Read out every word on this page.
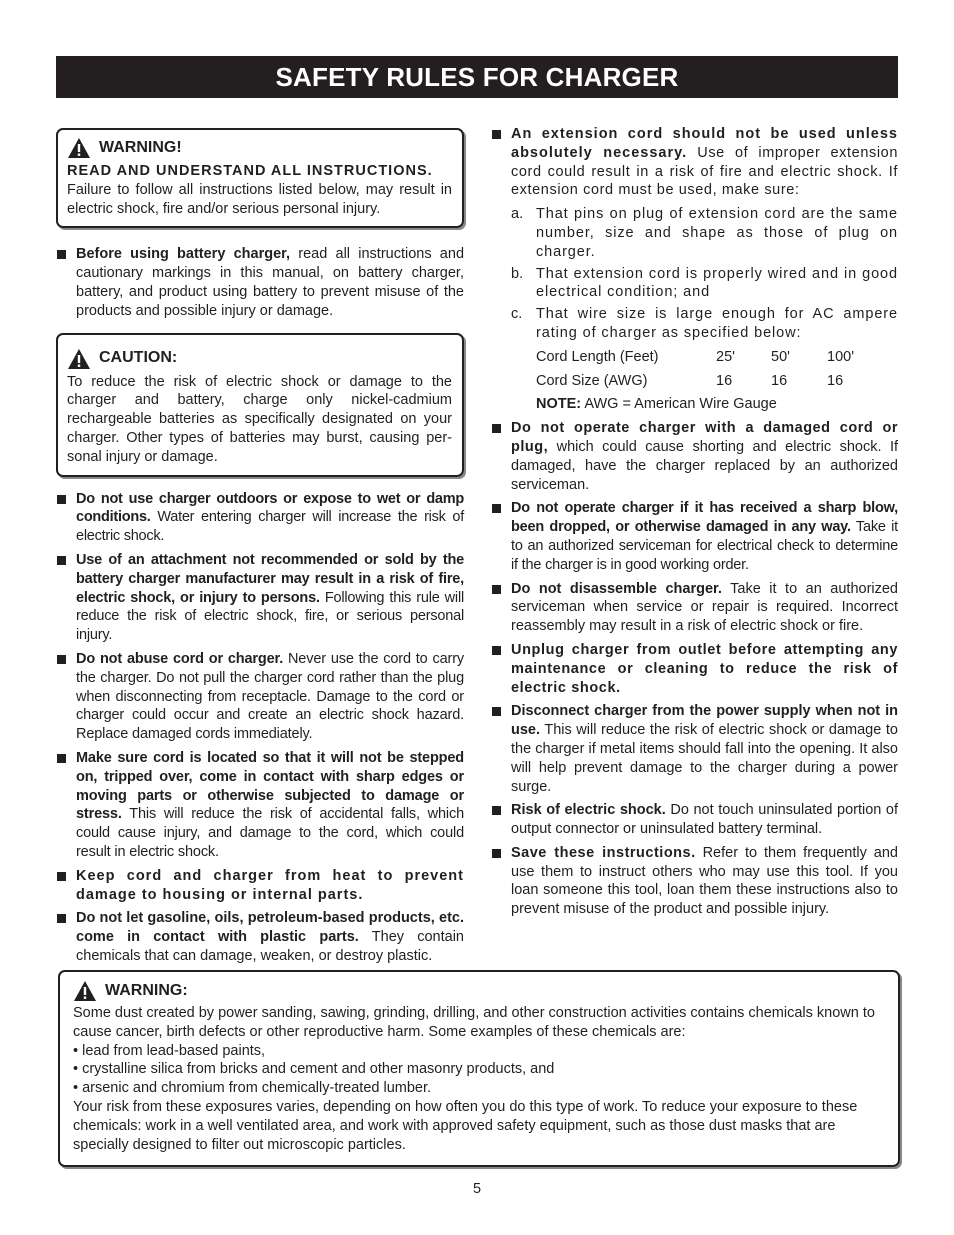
SAFETY RULES FOR CHARGER
WARNING!

READ AND UNDERSTAND ALL INSTRUCTIONS.
Failure to follow all instructions listed below, may result in electric shock, fire and/or serious personal injury.

Before using battery charger, read all instructions and cautionary markings in this manual, on battery charger, battery, and product using battery to prevent misuse of the products and possible injury or damage.
CAUTION:

To reduce the risk of electric shock or damage to the charger and battery, charge only nickel-cadmium rechargeable batteries as specifically designated on your charger. Other types of batteries may burst, causing per-sonal injury or damage.

Do not use charger outdoors or expose to wet or damp conditions. Water entering charger will increase the risk of electric shock.
Use of an attachment not recommended or sold by the battery charger manufacturer may result in a risk of fire, electric shock, or injury to persons. Following this rule will reduce the risk of electric shock, fire, or serious personal injury.
Do not abuse cord or charger. Never use the cord to carry the charger. Do not pull the charger cord rather than the plug when disconnecting from receptacle. Damage to the cord or charger could occur and create an electric shock hazard. Replace damaged cords immediately.
Make sure cord is located so that it will not be stepped on, tripped over, come in contact with sharp edges or moving parts or otherwise subjected to damage or stress. This will reduce the risk of accidental falls, which could cause injury, and damage to the cord, which could result in electric shock.
Keep cord and charger from heat to prevent damage to housing or internal parts.
Do not let gasoline, oils, petroleum-based products, etc. come in contact with plastic parts. They contain chemicals that can damage, weaken, or destroy plastic.
An extension cord should not be used unless absolutely necessary. Use of improper extension cord could result in a risk of fire and electric shock. If extension cord must be used, make sure:
a. That pins on plug of extension cord are the same number, size and shape as those of plug on charger.
b. That extension cord is properly wired and in good electrical condition; and
c. That wire size is large enough for AC ampere rating of charger as specified below:
Cord Length (Feet)	25'	50'	100'
Cord Size (AWG)	16	16	16
NOTE: AWG = American Wire Gauge
Do not operate charger with a damaged cord or plug, which could cause shorting and electric shock. If damaged, have the charger replaced by an authorized serviceman.
Do not operate charger if it has received a sharp blow, been dropped, or otherwise damaged in any way. Take it to an authorized serviceman for electrical check to determine if the charger is in good working order.
Do not disassemble charger. Take it to an authorized serviceman when service or repair is required. Incorrect reassembly may result in a risk of electric shock or fire.
Unplug charger from outlet before attempting any maintenance or cleaning to reduce the risk of electric shock.
Disconnect charger from the power supply when not in use. This will reduce the risk of electric shock or damage to the charger if metal items should fall into the opening. It also will help prevent damage to the charger during a power surge.
Risk of electric shock. Do not touch uninsulated portion of output connector or uninsulated battery terminal.
Save these instructions. Refer to them frequently and use them to instruct others who may use this tool. If you loan someone this tool, loan them these instructions also to prevent misuse of the product and possible injury.
WARNING:

Some dust created by power sanding, sawing, grinding, drilling, and other construction activities contains chemicals known to cause cancer, birth defects or other reproductive harm. Some examples of these chemicals are:

• lead from lead-based paints,

• crystalline silica from bricks and cement and other masonry products, and

• arsenic and chromium from chemically-treated lumber.

Your risk from these exposures varies, depending on how often you do this type of work. To reduce your exposure to these chemicals: work in a well ventilated area, and work with approved safety equipment, such as those dust masks that are specially designed to filter out microscopic particles.

5
